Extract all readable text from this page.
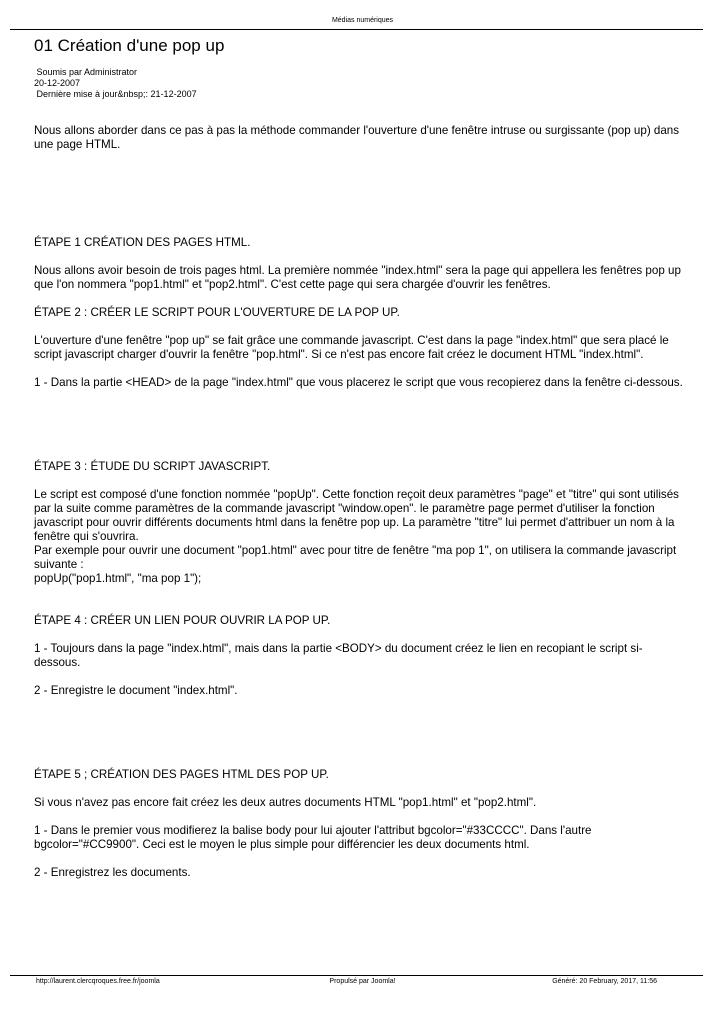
Médias numériques
01 Création d'une pop up
Soumis par Administrator
20-12-2007
Dernière mise à jour&nbsp;: 21-12-2007

Nous allons aborder dans ce pas à pas la méthode commander l'ouverture d'une fenêtre intruse ou surgissante (pop up) dans une page HTML.

ÉTAPE 1 CRÉATION DES PAGES HTML.

Nous allons avoir besoin de trois pages html. La première nommée "index.html" sera la page qui appellera les fenêtres pop up que l'on nommera "pop1.html" et "pop2.html". C'est cette page qui sera chargée d'ouvrir les fenêtres.

ÉTAPE 2 : CRÉER LE SCRIPT POUR L'OUVERTURE DE LA POP UP.

L'ouverture d'une fenêtre "pop up" se fait grâce une commande javascript. C'est dans la page "index.html" que sera placé le script javascript charger d'ouvrir la fenêtre "pop.html". Si ce n'est pas encore fait créez le document HTML "index.html".

1 - Dans la partie <HEAD> de la page "index.html" que vous placerez le script que vous recopierez dans la fenêtre ci-dessous.

ÉTAPE 3 : ÉTUDE DU SCRIPT JAVASCRIPT.

Le script est composé d'une fonction nommée "popUp". Cette fonction reçoit deux paramètres "page" et "titre" qui sont utilisés par la suite comme paramètres de la commande javascript "window.open". le paramètre page permet d'utiliser la fonction javascript pour ouvrir différents documents html dans la fenêtre pop up. La paramètre "titre" lui permet d'attribuer un nom à la fenêtre qui s'ouvrira.

Par exemple pour ouvrir une document "pop1.html" avec pour titre de fenêtre "ma pop 1", on utilisera la commande javascript suivante :

popUp("pop1.html", "ma pop 1");

ÉTAPE 4 : CRÉER UN LIEN POUR OUVRIR LA POP UP.

1 - Toujours dans la page "index.html", mais dans la partie <BODY> du document créez le lien en recopiant le script si-dessous.

2 - Enregistre le document "index.html".

ÉTAPE 5 ; CRÉATION DES PAGES HTML DES POP UP.

Si vous n'avez pas encore fait créez les deux autres documents HTML "pop1.html" et "pop2.html".

1 - Dans le premier vous modifierez la balise body pour lui ajouter l'attribut bgcolor="#33CCCC". Dans l'autre bgcolor="#CC9900". Ceci est le moyen le plus simple pour différencier les deux documents html.

2 - Enregistrez les documents.

http://laurent.clercqroques.free.fr/joomla	Propulsé par Joomla!	Généré: 20 February, 2017, 11:56
